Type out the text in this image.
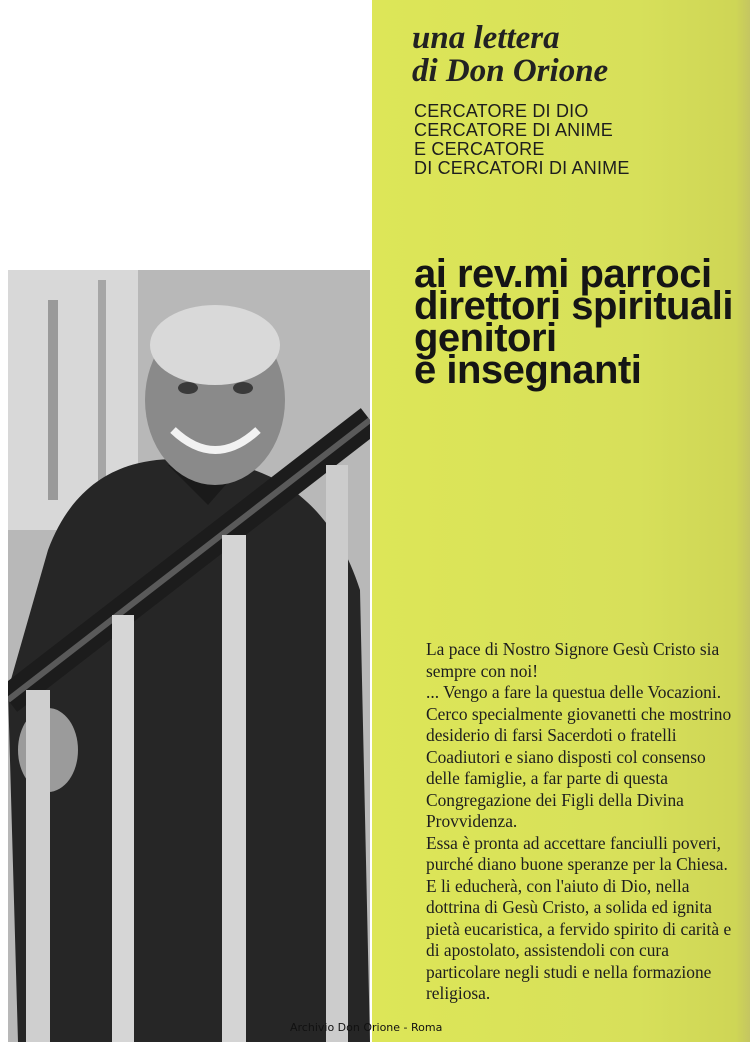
una lettera
di Don Orione
CERCATORE DI DIO
CERCATORE DI ANIME
E CERCATORE
DI CERCATORI DI ANIME
ai rev.mi parroci
direttori spirituali
genitori
e insegnanti

La pace di Nostro Signore Gesù Cristo sia sempre con noi!

... Vengo a fare la questua delle Vocazioni. Cerco specialmente giovanetti che mostrino desiderio di farsi Sacerdoti o fratelli Coadiutori e siano disposti col consenso delle famiglie, a far parte di questa Congregazione dei Figli della Divina Provvidenza.

Essa è pronta ad accettare fanciulli poveri, purché diano buone speranze per la Chiesa. E li educherà, con l'aiuto di Dio, nella dottrina di Gesù Cristo, a solida ed ignita pietà eucaristica, a fervido spirito di carità e di apostolato, assistendoli con cura particolare negli studi e nella formazione religiosa.

Archivio Don Orione - Roma
